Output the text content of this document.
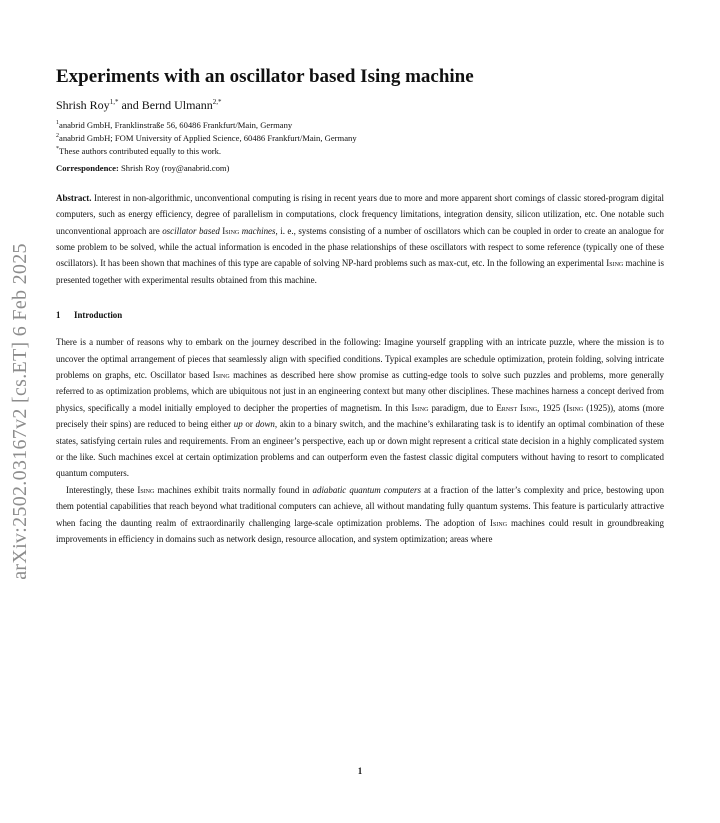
arXiv:2502.03167v2 [cs.ET] 6 Feb 2025
Experiments with an oscillator based Ising machine
Shrish Roy$^{1,*}$ and Bernd Ulmann$^{2,*}$
$^1$anabrid GmbH, Franklinstraße 56, 60486 Frankfurt/Main, Germany
$^2$anabrid GmbH; FOM University of Applied Science, 60486 Frankfurt/Main, Germany
*These authors contributed equally to this work.
Correspondence: Shrish Roy (roy@anabrid.com)

Abstract. Interest in non-algorithmic, unconventional computing is rising in recent years due to more and more apparent short comings of classic stored-program digital computers, such as energy efficiency, degree of parallelism in computations, clock frequency limitations, integration density, silicon utilization, etc. One notable such unconventional approach are oscillator based Ising machines, i. e., systems consisting of a number of oscillators which can be coupled in order to create an analogue for some problem to be solved, while the actual information is encoded in the phase relationships of these oscillators with respect to some reference (typically one of these oscillators). It has been shown that machines of this type are capable of solving NP-hard problems such as max-cut, etc. In the following an experimental Ising machine is presented together with experimental results obtained from this machine.

1 Introduction

There is a number of reasons why to embark on the journey described in the following: Imagine yourself grappling with an intricate puzzle, where the mission is to uncover the optimal arrangement of pieces that seamlessly align with specified conditions. Typical examples are schedule optimization, protein folding, solving intricate problems on graphs, etc. Oscillator based Ising machines as described here show promise as cutting-edge tools to solve such puzzles and problems, more generally referred to as optimization problems, which are ubiquitous not just in an engineering context but many other disciplines. These machines harness a concept derived from physics, specifically a model initially employed to decipher the properties of magnetism. In this Ising paradigm, due to Ernst Ising, 1925 (Ising (1925)), atoms (more precisely their spins) are reduced to being either up or down, akin to a binary switch, and the machine’s exhilarating task is to identify an optimal combination of these states, satisfying certain rules and requirements. From an engineer’s perspective, each up or down might represent a critical state decision in a highly complicated system or the like. Such machines excel at certain optimization problems and can outperform even the fastest classic digital computers without having to resort to complicated quantum computers.

Interestingly, these Ising machines exhibit traits normally found in adiabatic quantum computers at a fraction of the latter’s complexity and price, bestowing upon them potential capabilities that reach beyond what traditional computers can achieve, all without mandating fully quantum systems. This feature is particularly attractive when facing the daunting realm of extraordinarily challenging large-scale optimization problems. The adoption of Ising machines could result in groundbreaking improvements in efficiency in domains such as network design, resource allocation, and system optimization; areas where

1
